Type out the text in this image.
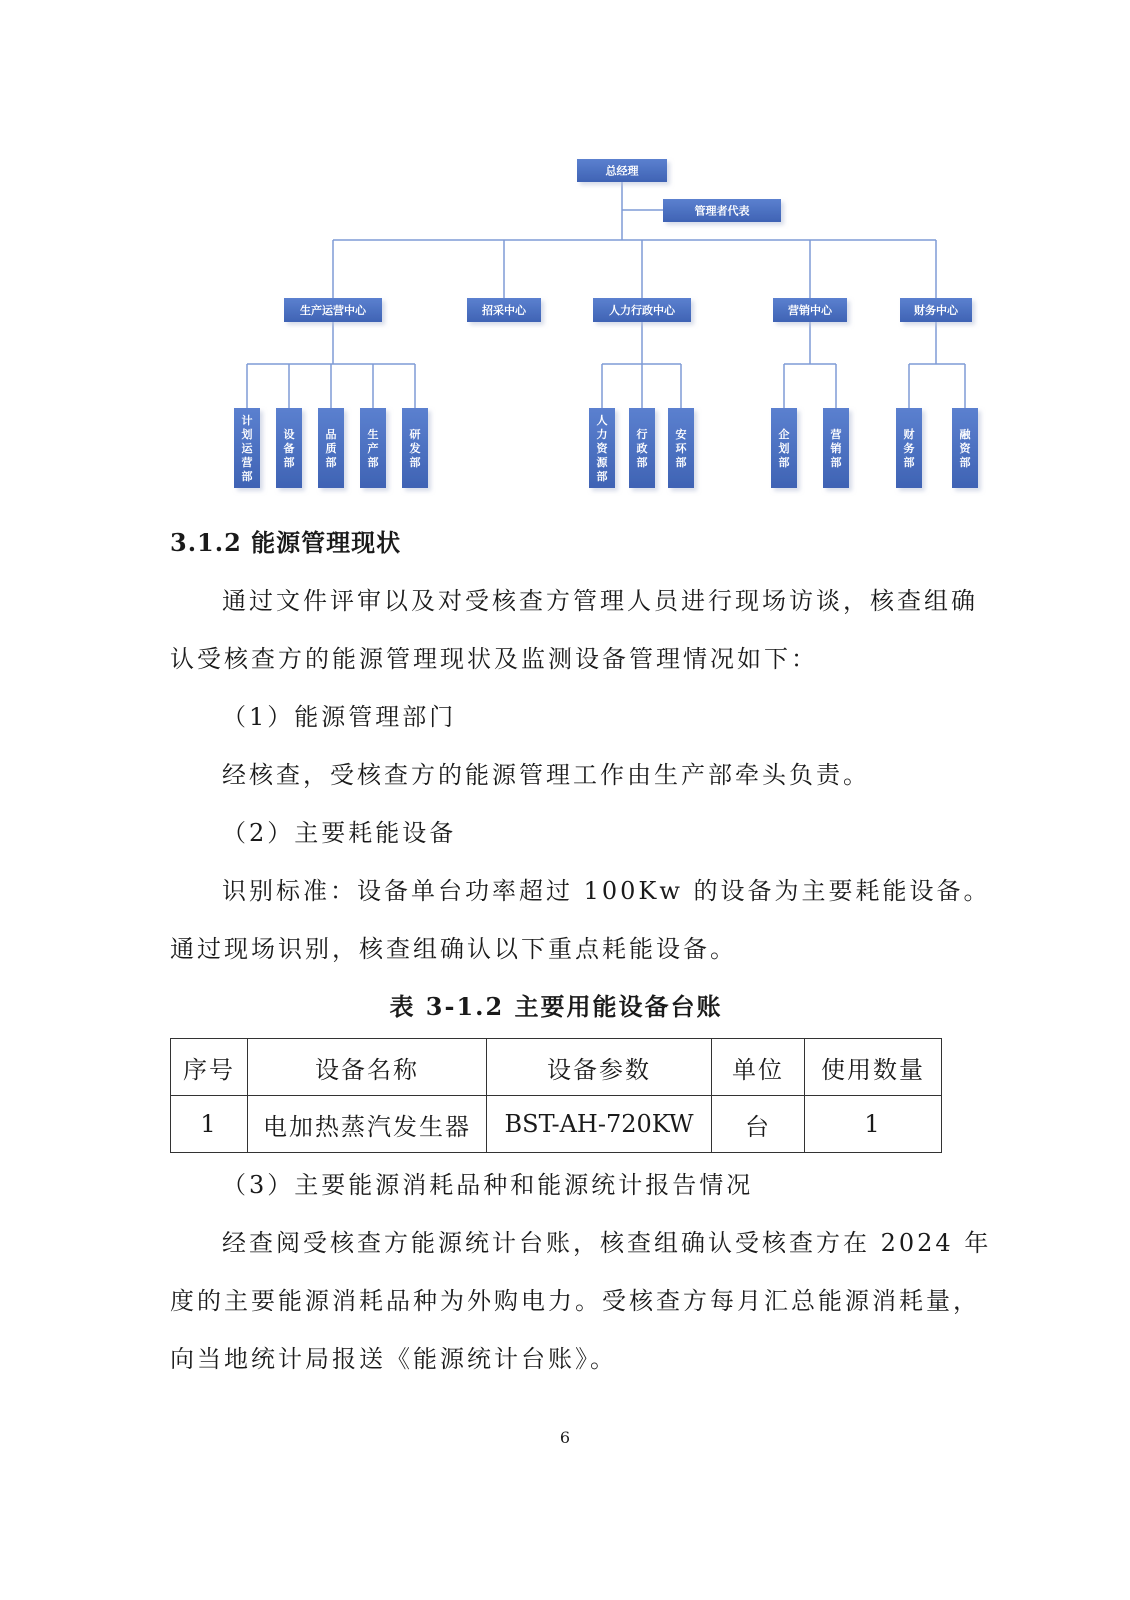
总经理
管理者代表
生产运营中心	招采中心	人力行政中心	营销中心	财务中心
计
划
运
营
部
设
备
部
品
质
部
生
产
部
研
发
部
人
力
资
源
部
行
政
部
安
环
部
企
划
部
营
销
部
财
务
部
融
资
部
3.1.2 能源管理现状
通过文件评审以及对受核查方管理人员进行现场访谈，核查组确
认受核查方的能源管理现状及监测设备管理情况如下：
（1）能源管理部门
经核查，受核查方的能源管理工作由生产部牵头负责。
（2）主要耗能设备
识别标准：设备单台功率超过 100Kw 的设备为主要耗能设备。
通过现场识别，核查组确认以下重点耗能设备。
表 3-1.2 主要用能设备台账
序号	设备名称	设备参数	单位	使用数量
1	电加热蒸汽发生器	BST-AH-720KW	台	1
（3）主要能源消耗品种和能源统计报告情况
经查阅受核查方能源统计台账，核查组确认受核查方在 2024 年
度的主要能源消耗品种为外购电力。受核查方每月汇总能源消耗量，
向当地统计局报送《能源统计台账》。
6
